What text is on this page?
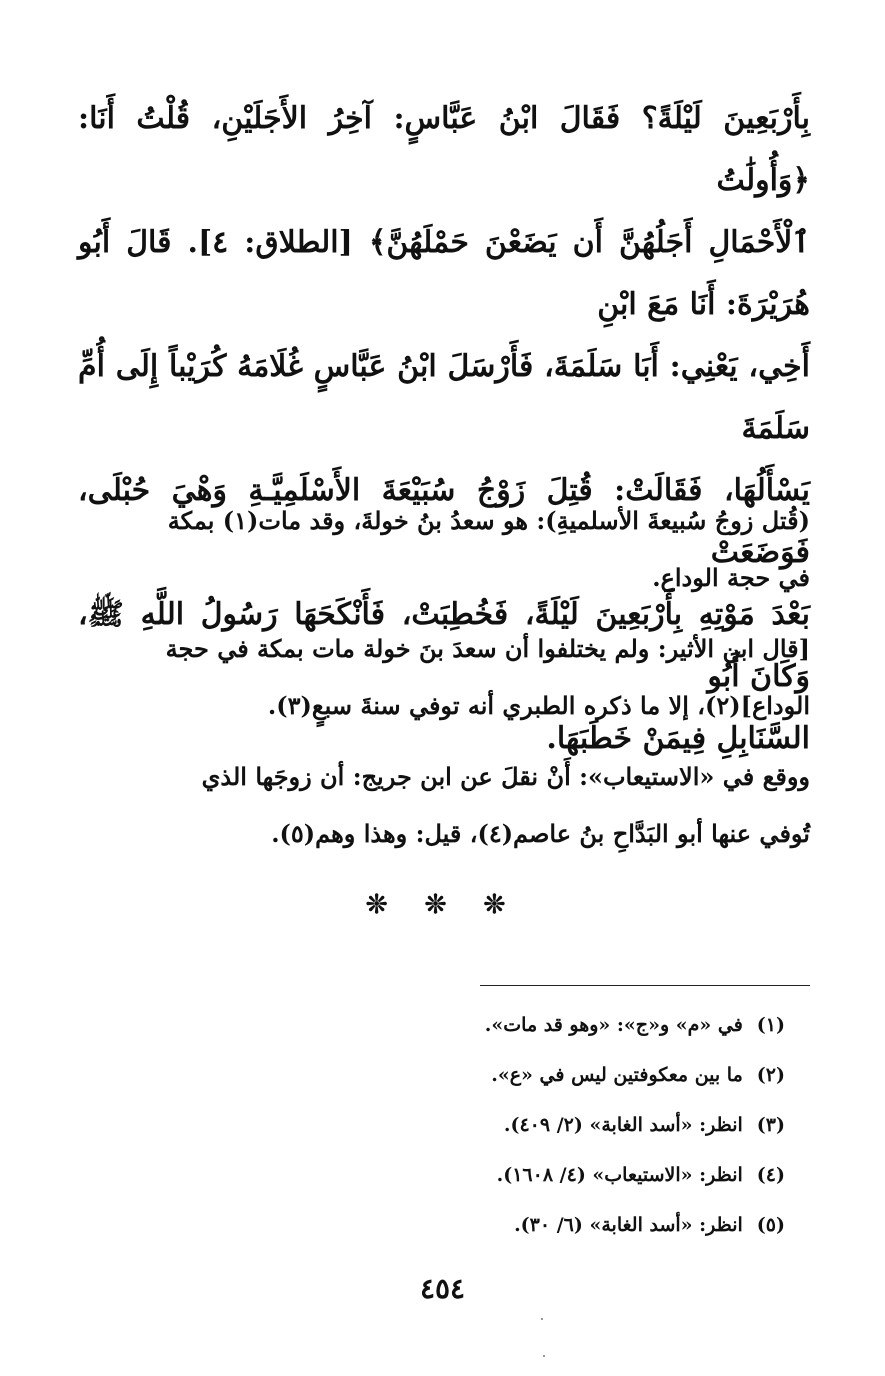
بِأَرْبَعِينَ لَيْلَةً؟ فَقَالَ ابْنُ عَبَّاسٍ: آخِرُ الأَجَلَيْنِ، قُلْتُ أَنَا: ﴿وَأُولَٰتُ

ٱلْأَحْمَالِ أَجَلُهُنَّ أَن يَضَعْنَ حَمْلَهُنَّ﴾ [الطلاق: ٤]. قَالَ أَبُو هُرَيْرَةَ: أَنَا مَعَ ابْنِ

أَخِي، يَعْنِي: أَبَا سَلَمَةَ، فَأَرْسَلَ ابْنُ عَبَّاسٍ غُلَامَهُ كُرَيْباً إِلَى أُمِّ سَلَمَةَ

يَسْأَلُهَا، فَقَالَتْ: قُتِلَ زَوْجُ سُبَيْعَةَ الأَسْلَمِيَّـةِ وَهْيَ حُبْلَى، فَوَضَعَتْ

بَعْدَ مَوْتِهِ بِأَرْبَعِينَ لَيْلَةً، فَخُطِبَتْ، فَأَنْكَحَهَا رَسُولُ اللَّهِ ﷺ، وَكَانَ أَبُو

السَّنَابِلِ فِيمَنْ خَطَبَهَا.

(قُتل زوجُ سُبيعةَ الأسلميةِ): هو سعدُ بنُ خولةَ، وقد مات(١) بمكة

في حجة الوداع.

[قال ابن الأثير: ولم يختلفوا أن سعدَ بنَ خولة مات بمكة في حجة

الوداع](٢)، إلا ما ذكره الطبري أنه توفي سنةَ سبعٍ(٣).

ووقع في «الاستيعاب»: أَنْ نقلَ عن ابن جريج: أن زوجَها الذي

تُوفي عنها أبو البَدَّاحِ بنُ عاصم(٤)، قيل: وهذا وهم(٥).

❊ ❊ ❊
(١)في «م» و«ج»: «وهو قد مات».
(٢)ما بين معكوفتين ليس في «ع».
(٣)انظر: «أسد الغابة» (٢/ ٤٠٩).
(٤)انظر: «الاستيعاب» (٤/ ١٦٠٨).
(٥)انظر: «أسد الغابة» (٦/ ٣٠).
٤٥٤
